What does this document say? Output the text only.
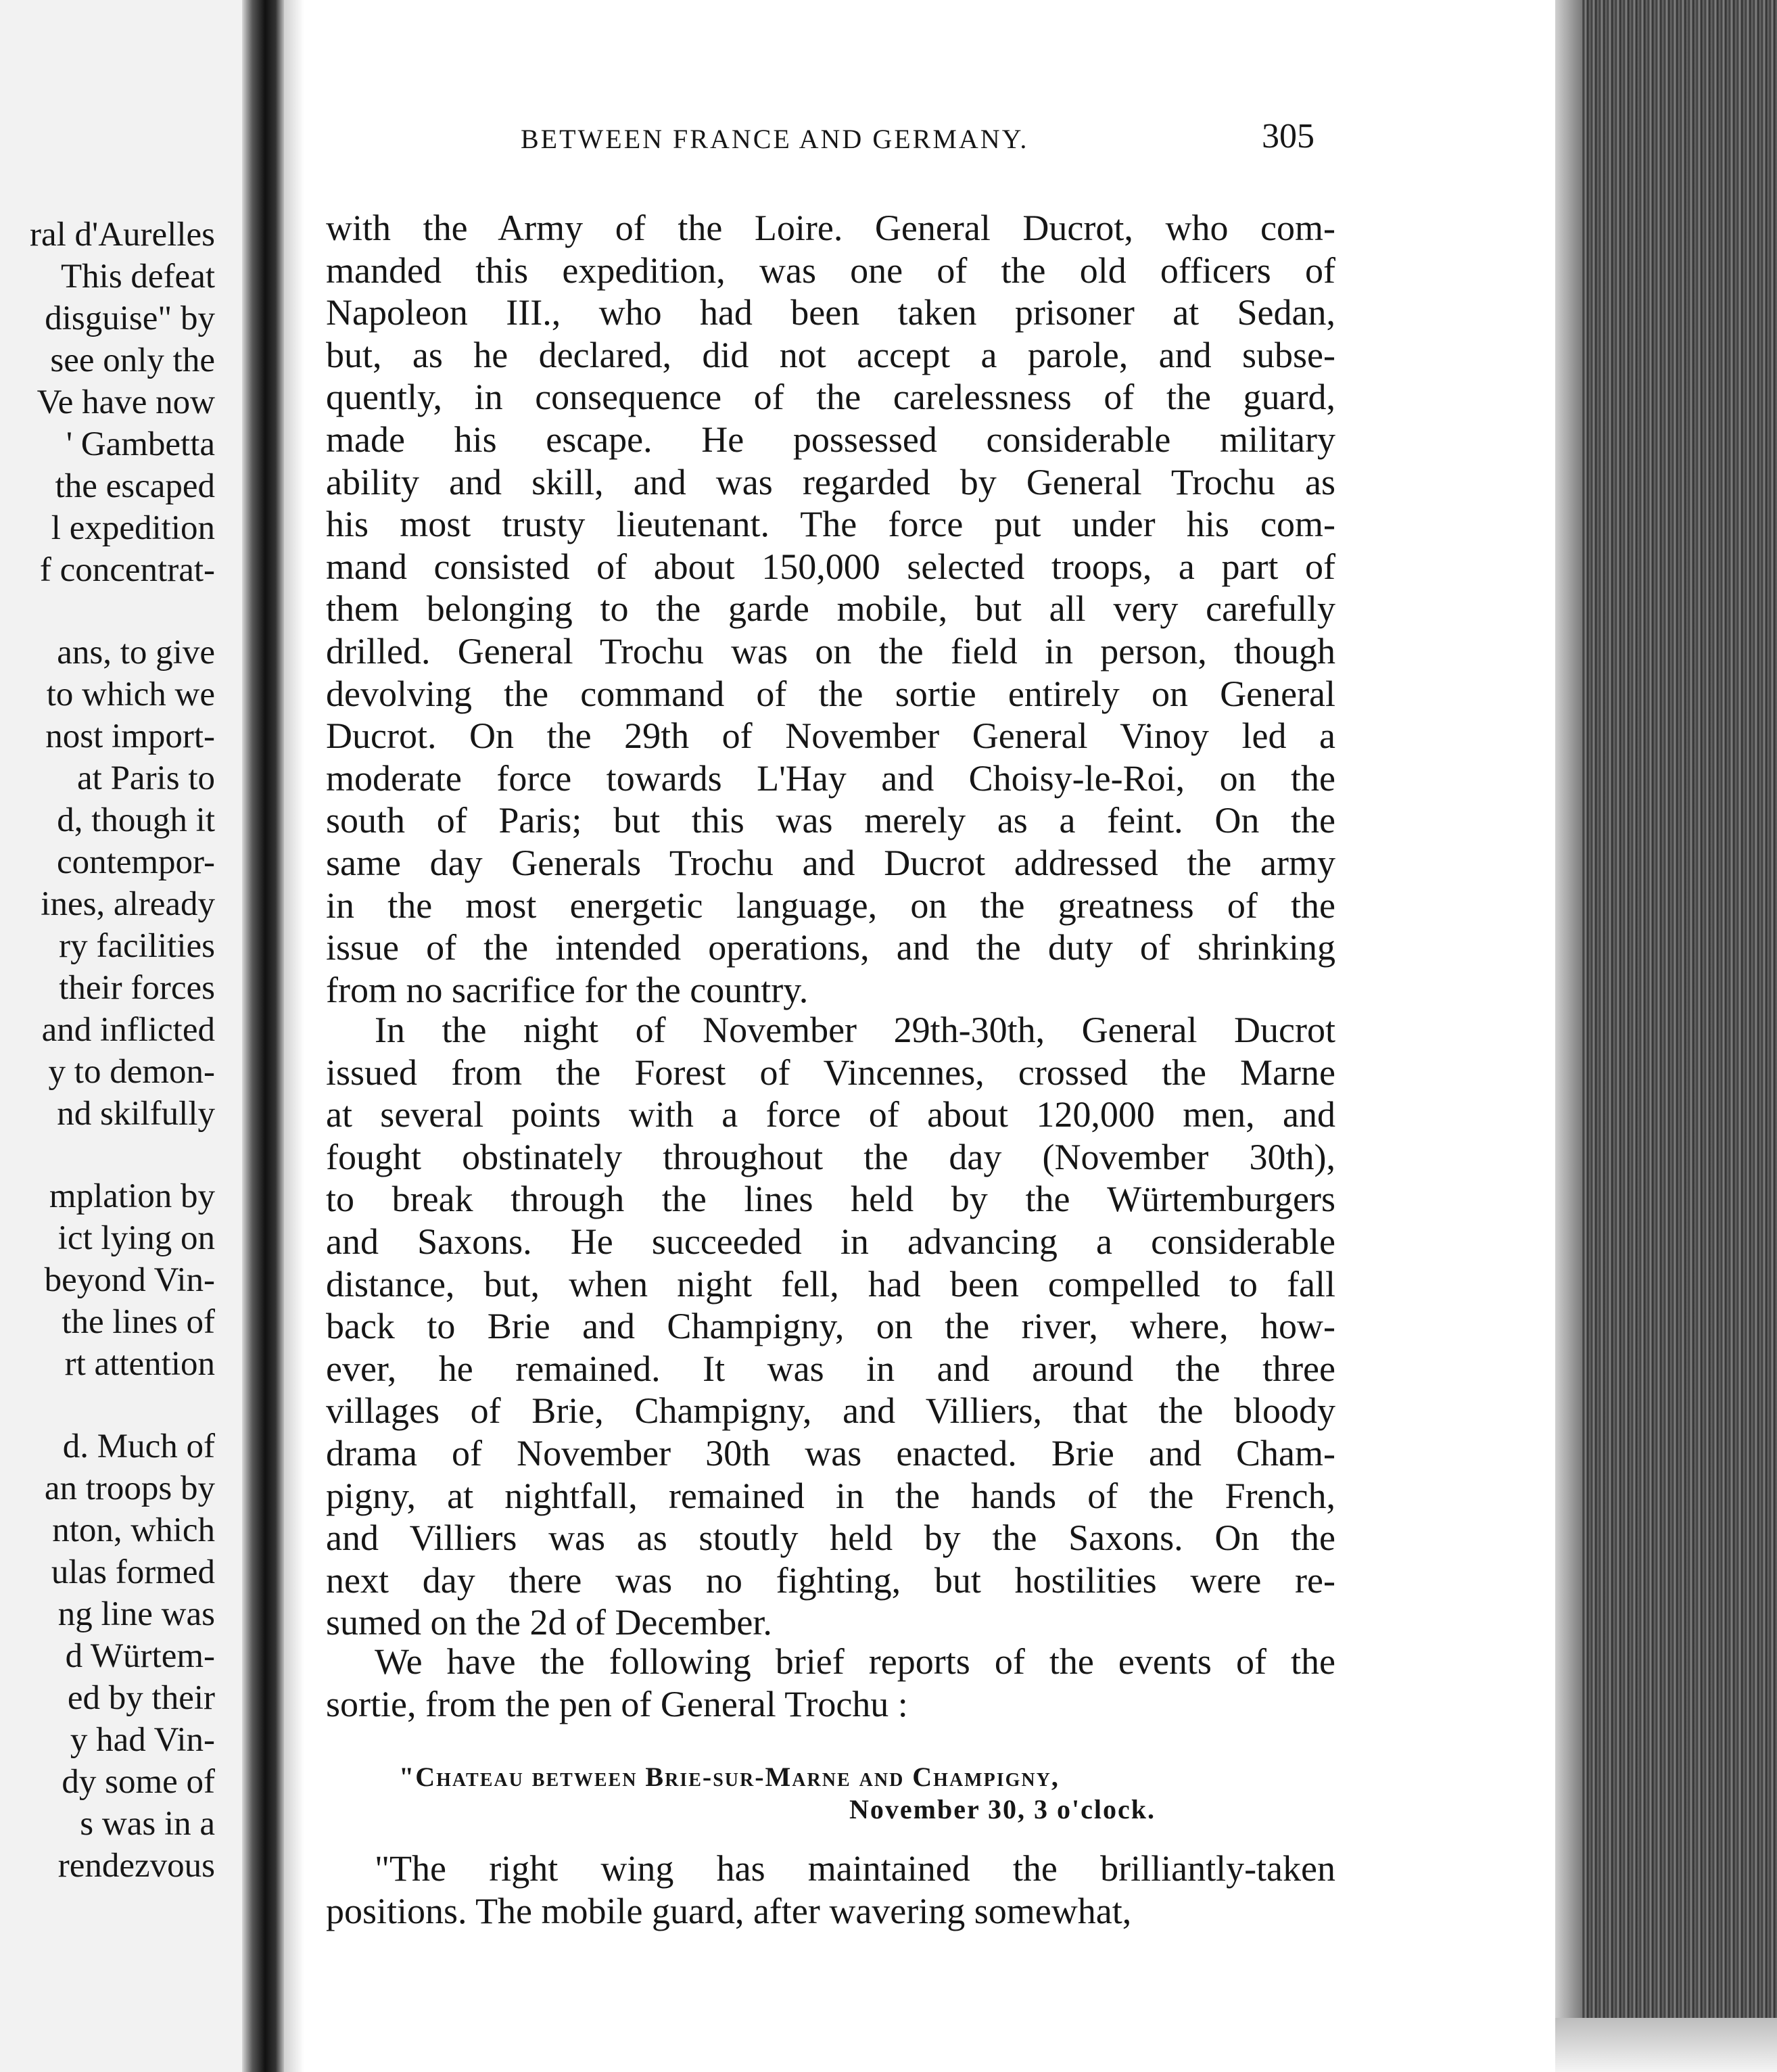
ral d'Aurelles
This defeat
disguise" by
see only the
Ve have now
' Gambetta
the escaped
l expedition
f concentrat-
ans, to give
to which we
nost import-
at Paris to
d, though it
contempor-
ines, already
ry facilities
their forces
and inflicted
y to demon-
nd skilfully
mplation by
ict lying on
beyond Vin-
the lines of
rt attention
d. Much of
an troops by
nton, which
ulas formed
ng line was
d Würtem-
ed by their
y had Vin-
dy some of
s was in a
rendezvous
BETWEEN FRANCE AND GERMANY.	305
with the Army of the Loire. General Ducrot, who com-
manded this expedition, was one of the old officers of
Napoleon III., who had been taken prisoner at Sedan,
but, as he declared, did not accept a parole, and subse-
quently, in consequence of the carelessness of the guard,
made his escape. He possessed considerable military
ability and skill, and was regarded by General Trochu as
his most trusty lieutenant. The force put under his com-
mand consisted of about 150,000 selected troops, a part of
them belonging to the garde mobile, but all very carefully
drilled. General Trochu was on the field in person, though
devolving the command of the sortie entirely on General
Ducrot. On the 29th of November General Vinoy led a
moderate force towards L'Hay and Choisy-le-Roi, on the
south of Paris; but this was merely as a feint. On the
same day Generals Trochu and Ducrot addressed the army
in the most energetic language, on the greatness of the
issue of the intended operations, and the duty of shrinking
from no sacrifice for the country.
In the night of November 29th-30th, General Ducrot
issued from the Forest of Vincennes, crossed the Marne
at several points with a force of about 120,000 men, and
fought obstinately throughout the day (November 30th),
to break through the lines held by the Würtemburgers
and Saxons. He succeeded in advancing a considerable
distance, but, when night fell, had been compelled to fall
back to Brie and Champigny, on the river, where, how-
ever, he remained. It was in and around the three
villages of Brie, Champigny, and Villiers, that the bloody
drama of November 30th was enacted. Brie and Cham-
pigny, at nightfall, remained in the hands of the French,
and Villiers was as stoutly held by the Saxons. On the
next day there was no fighting, but hostilities were re-
sumed on the 2d of December.
We have the following brief reports of the events of the
sortie, from the pen of General Trochu :
"The right wing has maintained the brilliantly-taken
positions. The mobile guard, after wavering somewhat,
"Chateau between Brie-sur-Marne and Champigny,
November 30, 3 o'clock.
